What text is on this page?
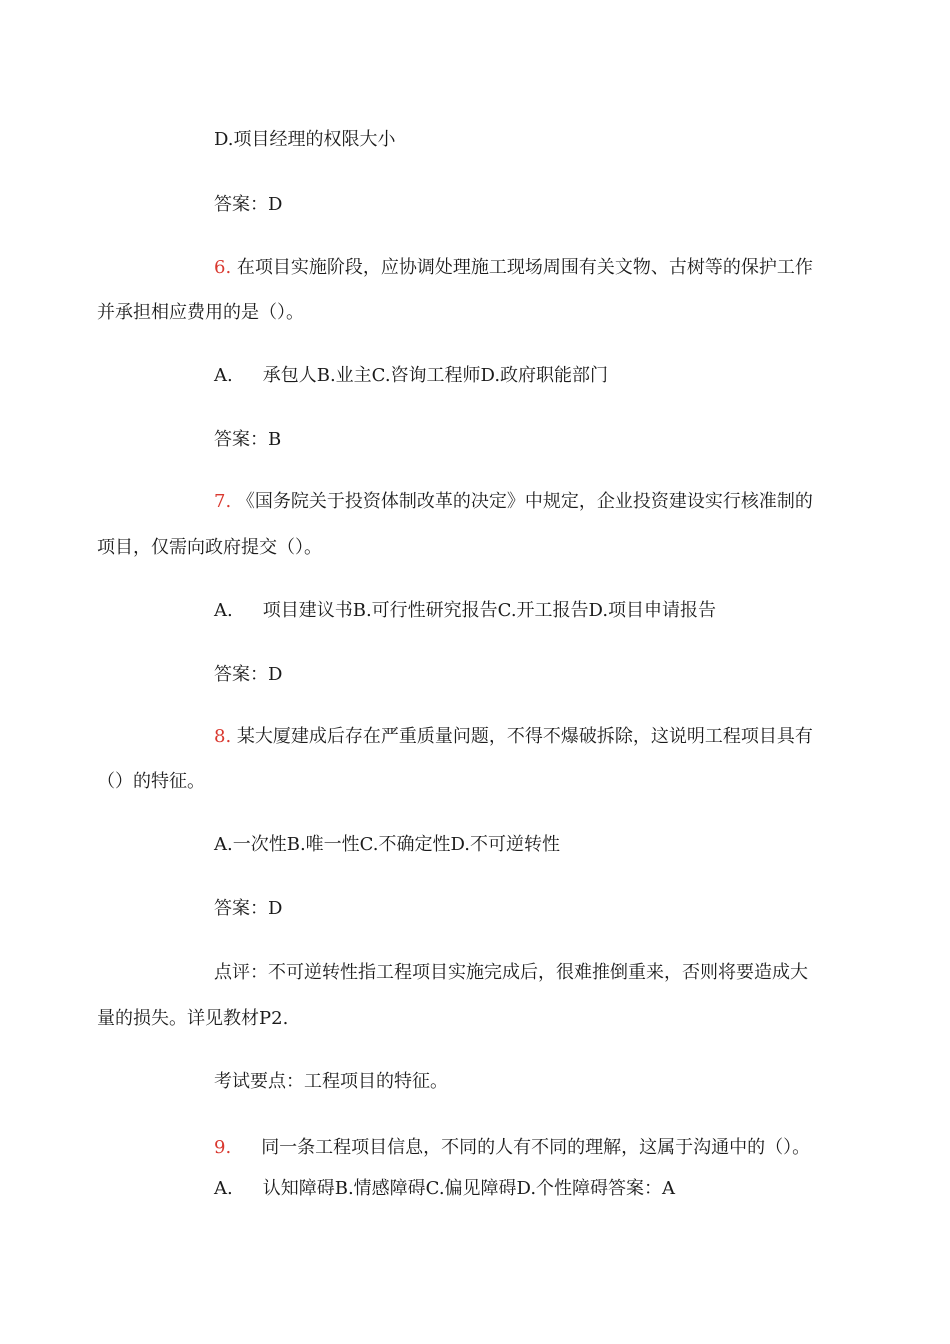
D.项目经理的权限大小
答案：D
6. 在项目实施阶段，应协调处理施工现场周围有关文物、古树等的保护工作
并承担相应费用的是（）。
A. 承包人B.业主C.咨询工程师D.政府职能部门
答案：B
7. 《国务院关于投资体制改革的决定》中规定，企业投资建设实行核准制的
项目，仅需向政府提交（）。
A. 项目建议书B.可行性研究报告C.开工报告D.项目申请报告
答案：D
8. 某大厦建成后存在严重质量问题，不得不爆破拆除，这说明工程项目具有
（）的特征。
A.一次性B.唯一性C.不确定性D.不可逆转性
答案：D
点评：不可逆转性指工程项目实施完成后，很难推倒重来，否则将要造成大
量的损失。详见教材P2.
考试要点：工程项目的特征。
9. 同一条工程项目信息，不同的人有不同的理解，这属于沟通中的（）。
A. 认知障碍B.情感障碍C.偏见障碍D.个性障碍答案：A
